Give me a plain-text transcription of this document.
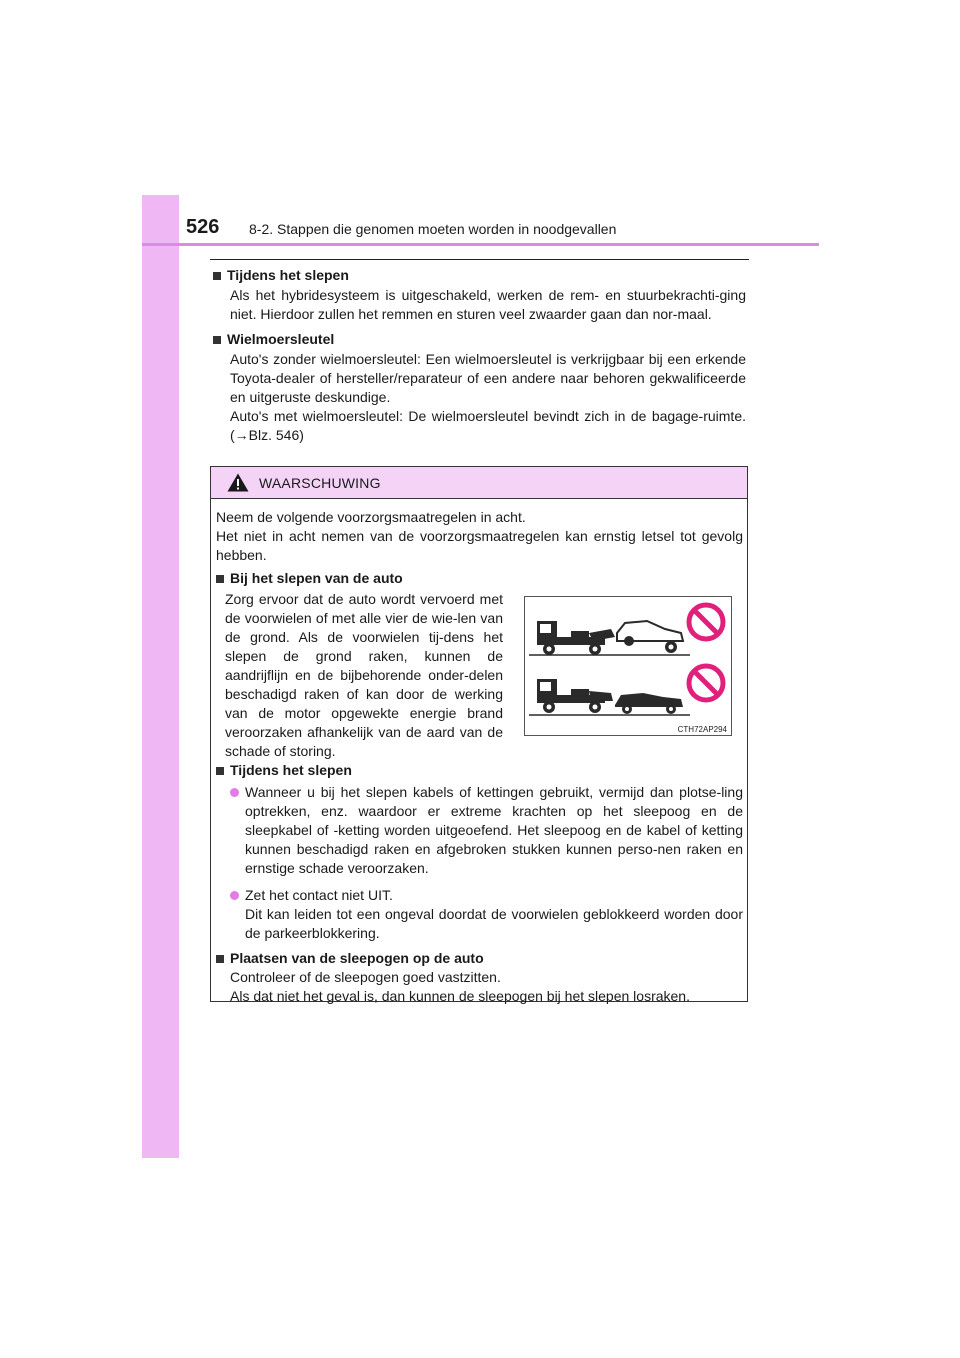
526 8-2. Stappen die genomen moeten worden in noodgevallen
Tijdens het slepen
Als het hybridesysteem is uitgeschakeld, werken de rem- en stuurbekrachti-ging niet. Hierdoor zullen het remmen en sturen veel zwaarder gaan dan nor-maal.
Wielmoersleutel
Auto's zonder wielmoersleutel: Een wielmoersleutel is verkrijgbaar bij een erkende Toyota-dealer of hersteller/reparateur of een andere naar behoren gekwalificeerde en uitgeruste deskundige.
Auto's met wielmoersleutel: De wielmoersleutel bevindt zich in de bagage-ruimte. (→Blz. 546)
WAARSCHUWING
Neem de volgende voorzorgsmaatregelen in acht.
Het niet in acht nemen van de voorzorgsmaatregelen kan ernstig letsel tot gevolg hebben.
Bij het slepen van de auto
Zorg ervoor dat de auto wordt vervoerd met de voorwielen of met alle vier de wie-len van de grond. Als de voorwielen tij-dens het slepen de grond raken, kunnen de aandrijflijn en de bijbehorende onder-delen beschadigd raken of kan door de werking van de motor opgewekte energie brand veroorzaken afhankelijk van de aard van de schade of storing.
CTH72AP294
Tijdens het slepen
Wanneer u bij het slepen kabels of kettingen gebruikt, vermijd dan plotse-ling optrekken, enz. waardoor er extreme krachten op het sleepoog en de sleepkabel of -ketting worden uitgeoefend. Het sleepoog en de kabel of ketting kunnen beschadigd raken en afgebroken stukken kunnen perso-nen raken en ernstige schade veroorzaken.
Zet het contact niet UIT.
Dit kan leiden tot een ongeval doordat de voorwielen geblokkeerd worden door de parkeerblokkering.
Plaatsen van de sleepogen op de auto
Controleer of de sleepogen goed vastzitten.
Als dat niet het geval is, dan kunnen de sleepogen bij het slepen losraken.
